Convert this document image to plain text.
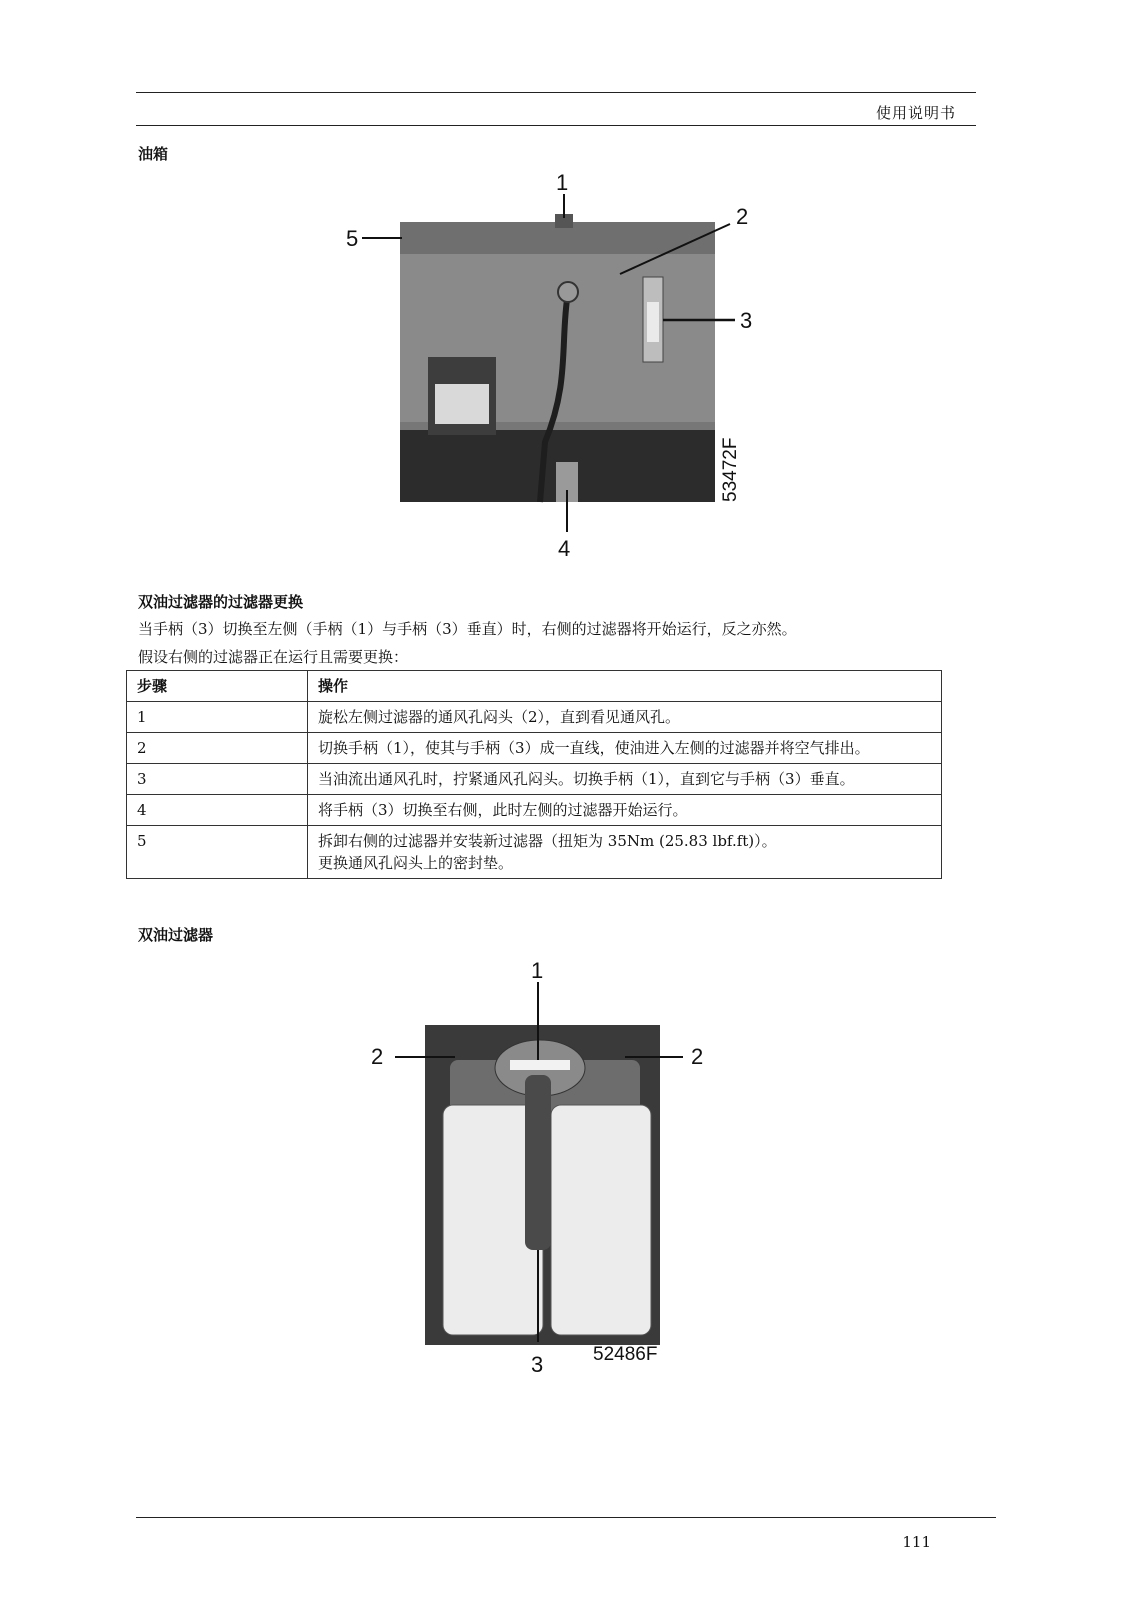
使用说明书
油箱
1
2
3
4
5
53472F
双油过滤器的过滤器更换
当手柄（3）切换至左侧（手柄（1）与手柄（3）垂直）时，右侧的过滤器将开始运行，反之亦然。
假设右侧的过滤器正在运行且需要更换：
步骤	操作
1	旋松左侧过滤器的通风孔闷头（2），直到看见通风孔。
2	切换手柄（1），使其与手柄（3）成一直线，使油进入左侧的过滤器并将空气排出。
3	当油流出通风孔时，拧紧通风孔闷头。切换手柄（1），直到它与手柄（3）垂直。
4	将手柄（3）切换至右侧，此时左侧的过滤器开始运行。
5	拆卸右侧的过滤器并安装新过滤器（扭矩为 35Nm (25.83 lbf.ft)）。
更换通风孔闷头上的密封垫。
双油过滤器
1
2	2
3	52486F
111
